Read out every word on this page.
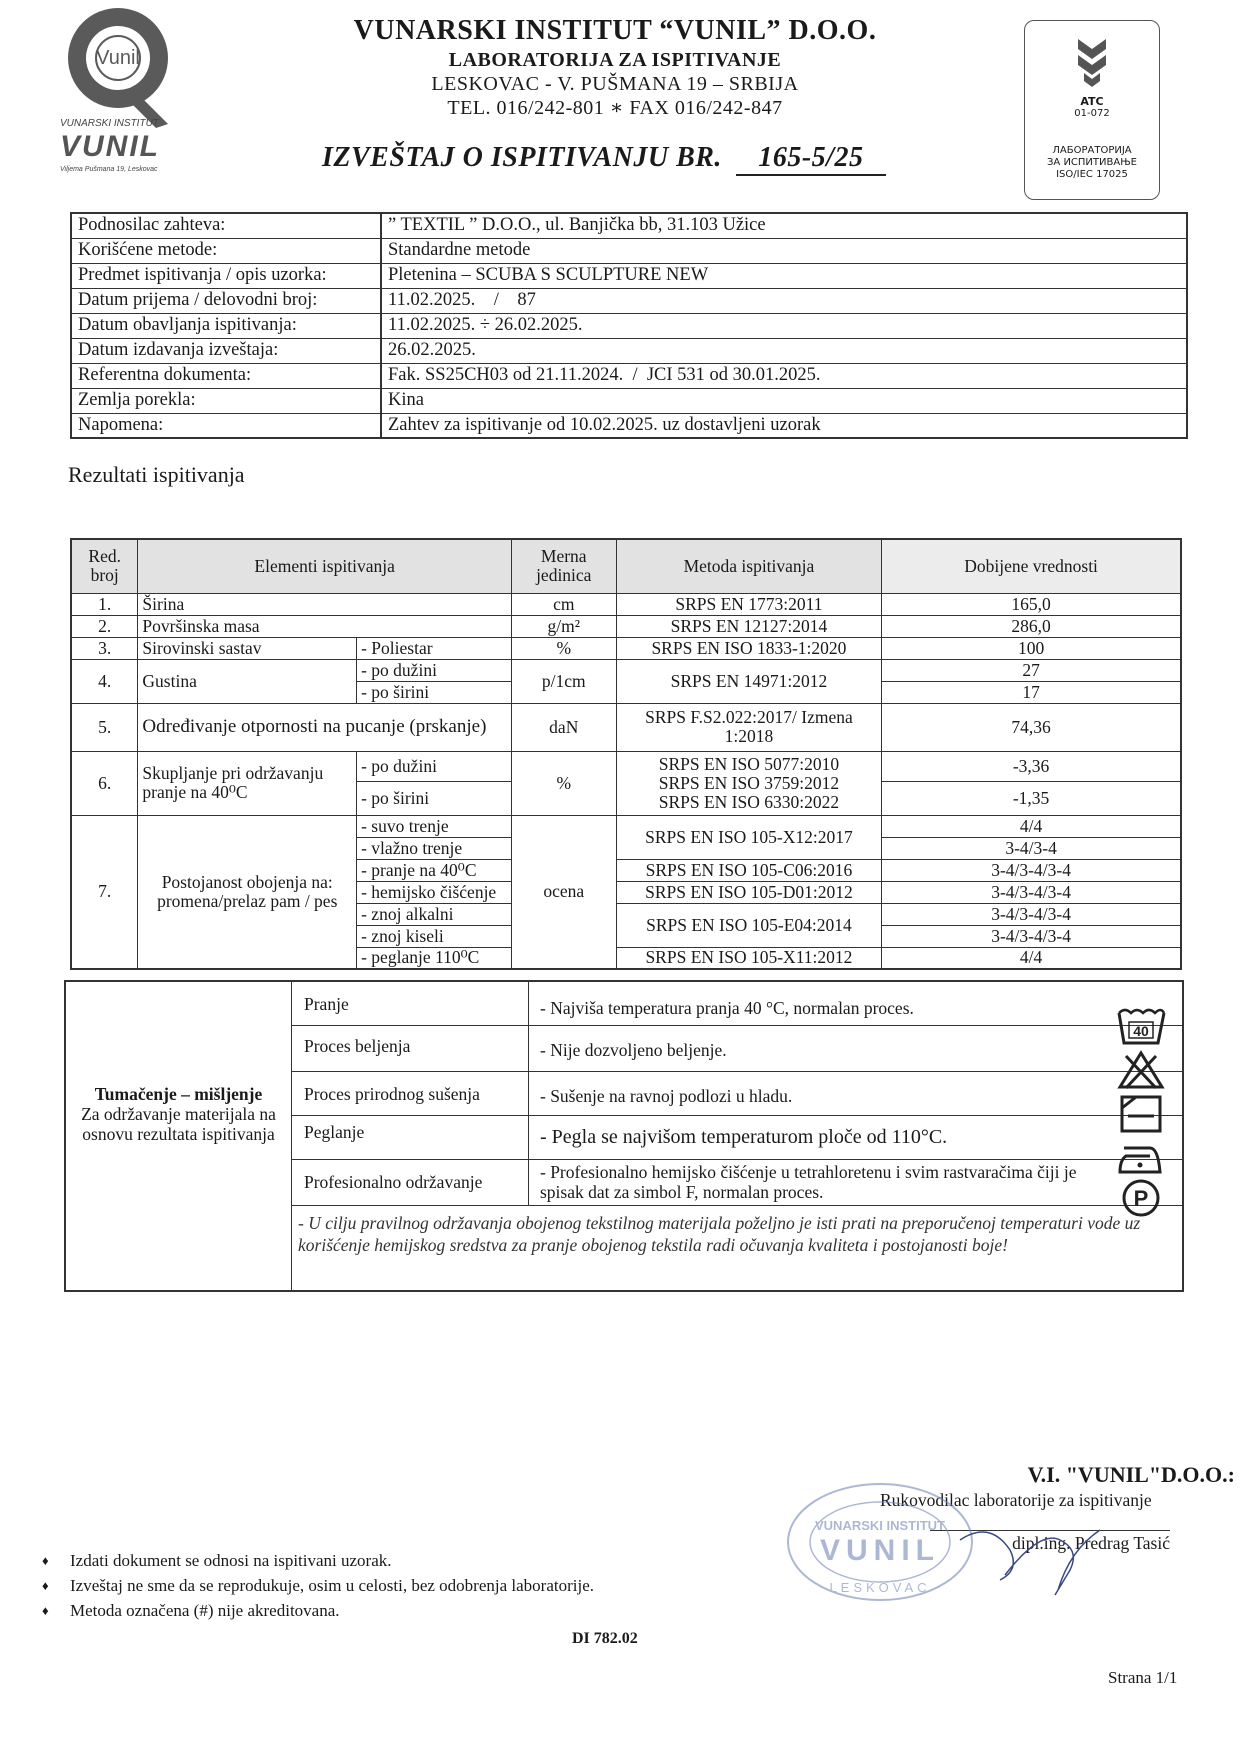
Vunil
VUNARSKI INSTITUT
VUNIL
Viljema Pušmana 19, Leskovac
VUNARSKI INSTITUT “VUNIL” D.O.O.
LABORATORIJA ZA ISPITIVANJE
LESKOVAC - V. PUŠMANA 19 – SRBIJA
TEL. 016/242-801 ∗ FAX 016/242-847
IZVEŠTAJ O ISPITIVANJU BR. 165-5/25
ATC
01-072
ЛАБОРАТОРИЈА
ЗА ИСПИТИВАЊЕ
ISO/IEC 17025
Podnosilac zahteva:	” TEXTIL ” D.O.O., ul. Banjička bb, 31.103 Užice
Korišćene metode:	Standardne metode
Predmet ispitivanja / opis uzorka:	Pletenina – SCUBA S SCULPTURE NEW
Datum prijema / delovodni broj:	11.02.2025.    /    87
Datum obavljanja ispitivanja:	11.02.2025. ÷ 26.02.2025.
Datum izdavanja izveštaja:	26.02.2025.
Referentna dokumenta:	Fak. SS25CH03 od 21.11.2024.  /  JCI 531 od 30.01.2025.
Zemlja porekla:	Kina
Napomena:	Zahtev za ispitivanje od 10.02.2025. uz dostavljeni uzorak
Rezultati ispitivanja
Red. broj	Elementi ispitivanja		Merna jedinica	Metoda ispitivanja	Dobijene vrednosti
1.	Širina		cm	SRPS EN 1773:2011	165,0
2.	Površinska masa		g/m²	SRPS EN 12127:2014	286,0
3.	Sirovinski sastav	- Poliestar	%	SRPS EN ISO 1833-1:2020	100
4.	Gustina	- po dužini	p/1cm	SRPS EN 14971:2012	27
		- po širini			17
5.	Određivanje otpornosti na pucanje (prskanje)		daN	SRPS F.S2.022:2017/ Izmena 1:2018	74,36
6.	Skupljanje pri održavanju pranje na 40⁰C	- po dužini	%	SRPS EN ISO 5077:2010
SRPS EN ISO 3759:2012
SRPS EN ISO 6330:2022	-3,36
		- po širini			-1,35
7.	Postojanost obojenja na: promena/prelaz pam / pes	- suvo trenje	ocena	SRPS EN ISO 105-X12:2017	4/4
		- vlažno trenje			3-4/3-4
		- pranje na 40⁰C		SRPS EN ISO 105-C06:2016	3-4/3-4/3-4
		- hemijsko čišćenje		SRPS EN ISO 105-D01:2012	3-4/3-4/3-4
		- znoj alkalni		SRPS EN ISO 105-E04:2014	3-4/3-4/3-4
		- znoj kiseli			3-4/3-4/3-4
		- peglanje 110⁰C		SRPS EN ISO 105-X11:2012	4/4
Tumačenje – mišljenje
Za održavanje materijala na osnovu rezultata ispitivanja
Pranje	- Najviša temperatura pranja 40 °C, normalan proces.
Proces beljenja	- Nije dozvoljeno beljenje.
Proces prirodnog sušenja	- Sušenje na ravnoj podlozi u hladu.
Peglanje	- Pegla se najvišom temperaturom ploče od 110°C.
Profesionalno održavanje	- Profesionalno hemijsko čišćenje u tetrahloretenu i svim rastvaračima čiji je spisak dat za simbol F, normalan proces.
- U cilju pravilnog održavanja obojenog tekstilnog materijala poželjno je isti prati na preporučenoj temperaturi vode uz korišćenje hemijskog sredstva za pranje obojenog tekstila radi očuvanja kvaliteta i postojanosti boje!
40
P
V.I. "VUNIL"D.O.O.:
Rukovodilac laboratorije za ispitivanje
dipl.ing. Predrag Tasić
VUNARSKI INSTITUT
VUNIL
LESKOVAC
♦ Izdati dokument se odnosi na ispitivani uzorak.
♦ Izveštaj ne sme da se reprodukuje, osim u celosti, bez odobrenja laboratorije.
♦ Metoda označena (#) nije akreditovana.
DI 782.02
Strana 1/1
